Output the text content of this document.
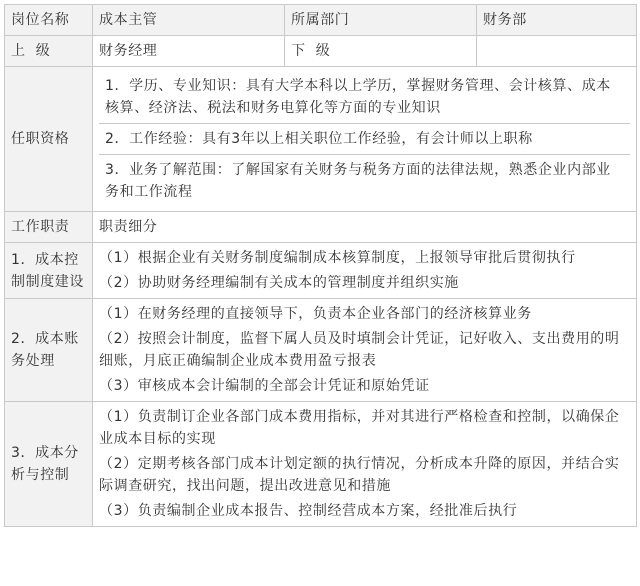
岗位名称	成本主管	所属部门	财务部
上  级	财务经理	下  级	
任职资格	1．学历、专业知识：具有大学本科以上学历，掌握财务管理、会计核算、成本核算、经济法、税法和财务电算化等方面的专业知识
2．工作经验：具有3年以上相关职位工作经验，有会计师以上职称
3．业务了解范围：了解国家有关财务与税务方面的法律法规，熟悉企业内部业务和工作流程		

工作职责	职责细分		
1．成本控制制度建设	（1）根据企业有关财务制度编制成本核算制度，上报领导审批后贯彻执行
（2）协助财务经理编制有关成本的管理制度并组织实施		

2．成本账务处理	（1）在财务经理的直接领导下，负责本企业各部门的经济核算业务
（2）按照会计制度，监督下属人员及时填制会计凭证，记好收入、支出费用的明细账，月底正确编制企业成本费用盈亏报表
（3）审核成本会计编制的全部会计凭证和原始凭证		

3．成本分析与控制	（1）负责制订企业各部门成本费用指标，并对其进行严格检查和控制，以确保企业成本目标的实现
（2）定期考核各部门成本计划定额的执行情况，分析成本升降的原因，并结合实际调查研究，找出问题，提出改进意见和措施
（3）负责编制企业成本报告、控制经营成本方案，经批准后执行		
